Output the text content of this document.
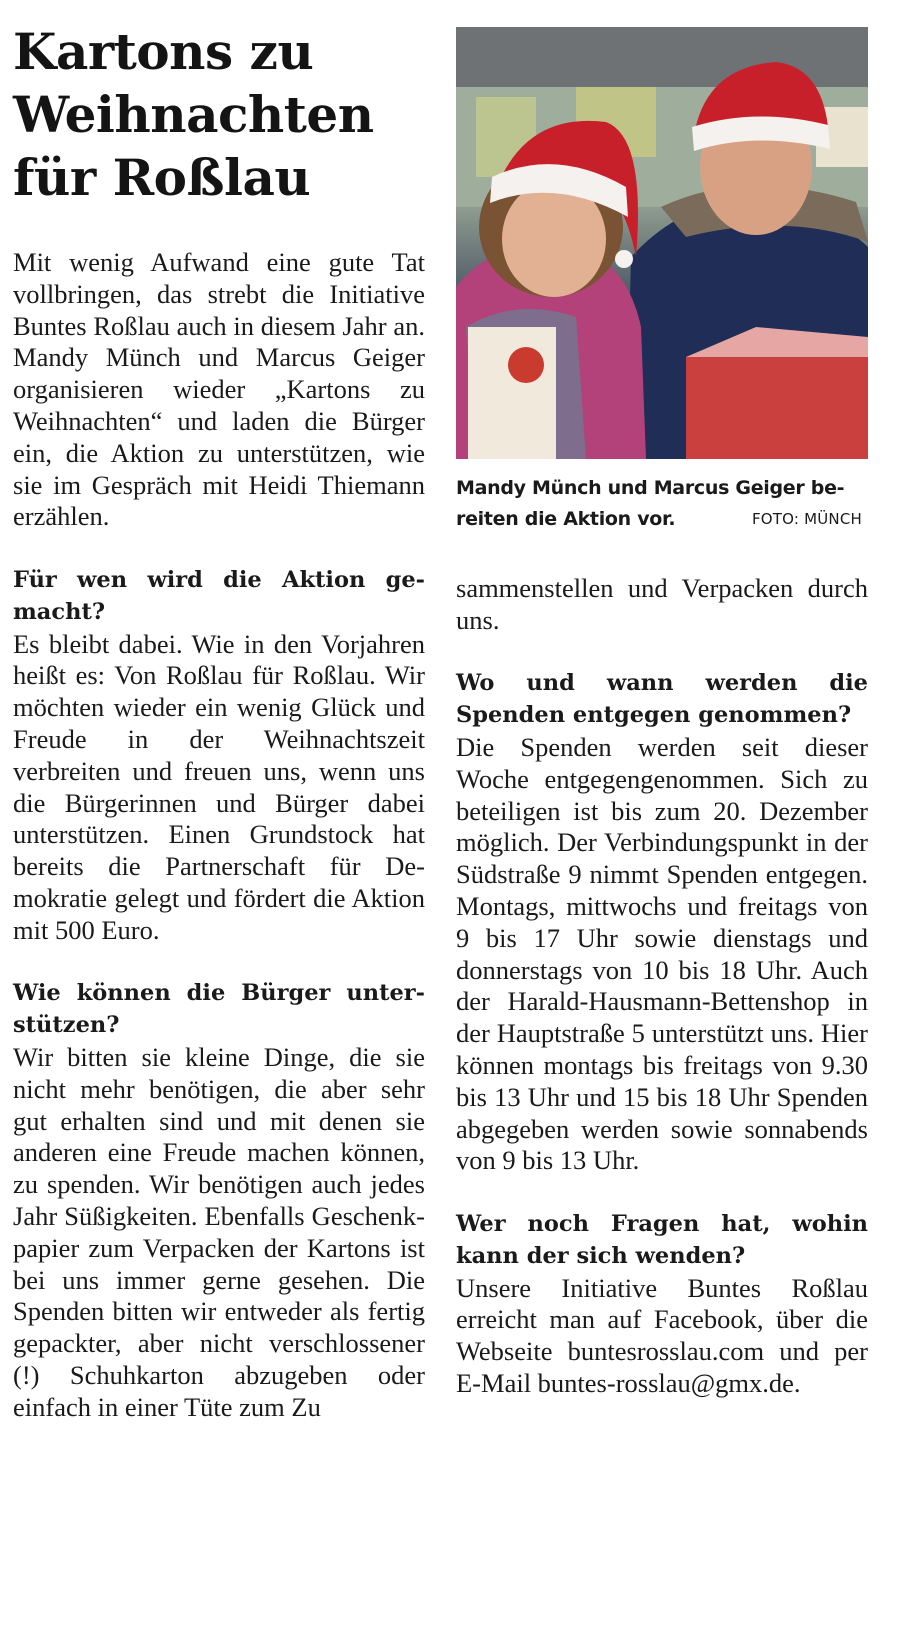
Kartons zu
Weihnachten
für Roßlau

Mit wenig Aufwand eine gute Tat vollbringen, das strebt die Initiative Buntes Roßlau auch in diesem Jahr an. Mandy Münch und Marcus Geiger organisieren wieder „Kartons zu Weihnachten“ und laden die Bürger ein, die Aktion zu unterstützen, wie sie im Gespräch mit Heidi Thiemann erzählen.

Für wen wird die Aktion gemacht?

Es bleibt dabei. Wie in den Vorjahren heißt es: Von Roßlau für Roßlau. Wir möchten wieder ein wenig Glück und Freude in der Weihnachtszeit verbreiten und freuen uns, wenn uns die Bürgerinnen und Bürger dabei unterstützen. Einen Grundstock hat bereits die Partnerschaft für Demokratie gelegt und fördert die Aktion mit 500 Euro.

Wie können die Bürger unterstützen?

Wir bitten sie kleine Dinge, die sie nicht mehr benötigen, die aber sehr gut erhalten sind und mit denen sie anderen eine Freude machen können, zu spenden. Wir benötigen auch jedes Jahr Süßigkeiten. Ebenfalls Geschenkpapier zum Verpacken der Kartons ist bei uns immer gerne gesehen. Die Spenden bitten wir entweder als fertig gepackter, aber nicht verschlossener (!) Schuhkarton abzugeben oder einfach in einer Tüte zum Zu

Mandy Münch und Marcus Geiger bereiten die Aktion vor.	FOTO: MÜNCH

sammenstellen und Verpacken durch uns.

Wo und wann werden die Spenden entgegen genommen?

Die Spenden werden seit dieser Woche entgegengenommen. Sich zu beteiligen ist bis zum 20. Dezember möglich. Der Verbindungspunkt in der Südstraße 9 nimmt Spenden entgegen. Montags, mittwochs und freitags von 9 bis 17 Uhr sowie dienstags und donnerstags von 10 bis 18 Uhr. Auch der Harald-Hausmann-Bettenshop in der Hauptstraße 5 unterstützt uns. Hier können montags bis freitags von 9.30 bis 13 Uhr und 15 bis 18 Uhr Spenden abgegeben werden sowie sonnabends von 9 bis 13 Uhr.

Wer noch Fragen hat, wohin kann der sich wenden?

Unsere Initiative Buntes Roßlau erreicht man auf Facebook, über die Webseite buntesrosslau.com und per E-Mail buntes-rosslau@gmx.de.
